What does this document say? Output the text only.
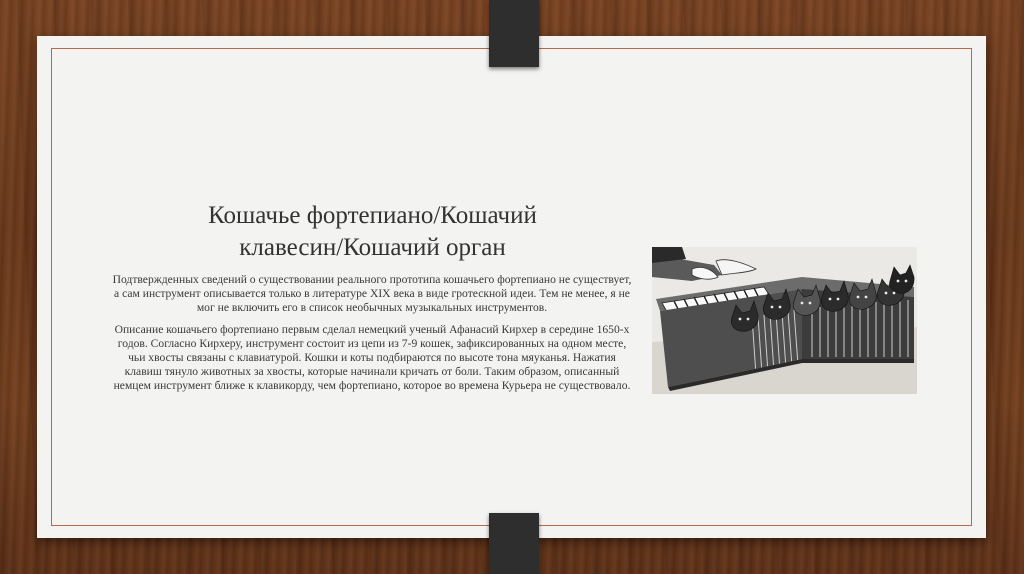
Кошачье фортепиано/Кошачий
клавесин/Кошачий орган

Подтвержденных сведений о существовании реального прототипа кошачьего фортепиано не существует, а сам инструмент описывается только в литературе XIX века в виде гротескной идеи. Тем не менее, я не мог не включить его в список необычных музыкальных инструментов.

Описание кошачьего фортепиано первым сделал немецкий ученый Афанасий Кирхер в середине 1650-х годов. Согласно Кирхеру, инструмент состоит из цепи из 7-9 кошек, зафиксированных на одном месте, чьи хвосты связаны с клавиатурой. Кошки и коты подбираются по высоте тона мяуканья. Нажатия клавиш тянуло животных за хвосты, которые начинали кричать от боли. Таким образом, описанный немцем инструмент ближе к клавикорду, чем фортепиано, которое во времена Курьера не существовало.
